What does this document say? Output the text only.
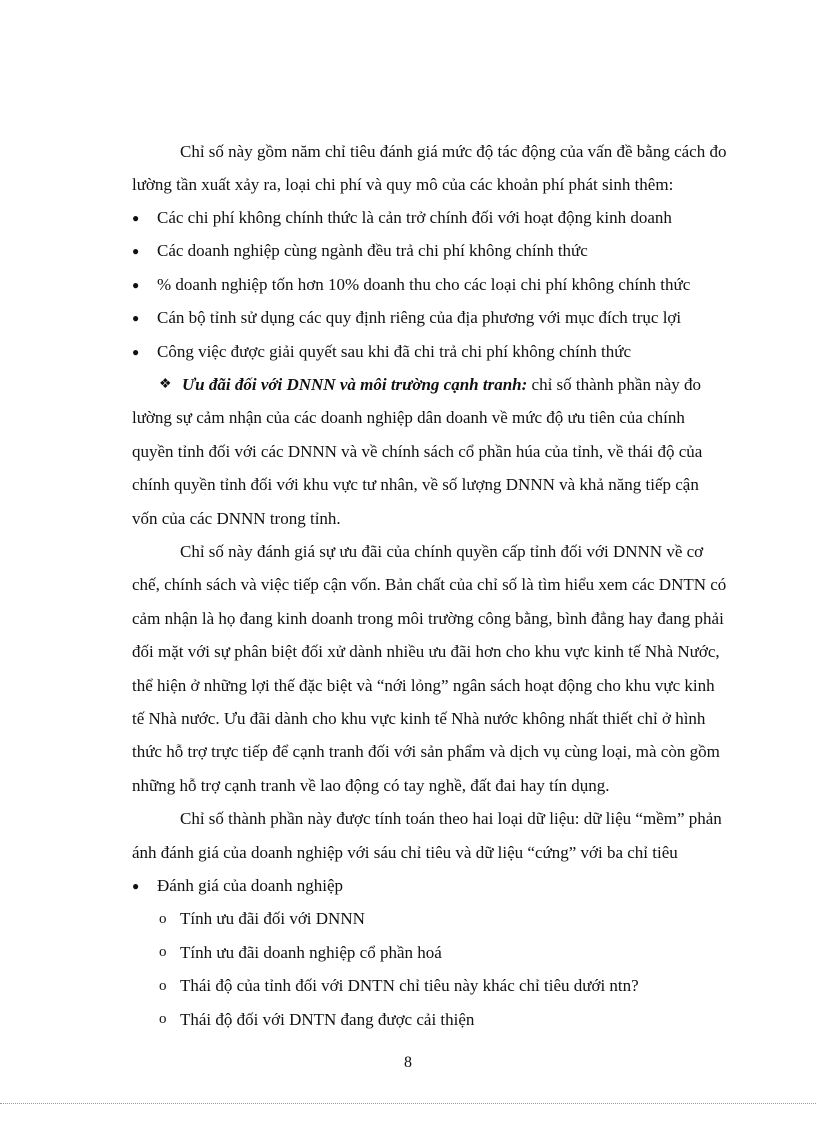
Chỉ số này gồm năm chỉ tiêu đánh giá mức độ tác động của vấn đề bằng cách đo
lường tần xuất xảy ra, loại chi phí và quy mô của các khoản phí phát sinh thêm:
● Các chi phí không chính thức là cản trở chính đối với hoạt động kinh doanh
● Các doanh nghiệp cùng ngành đều trả chi phí không chính thức
● % doanh nghiệp tốn hơn 10% doanh thu cho các loại chi phí không chính thức
● Cán bộ tỉnh sử dụng các quy định riêng của địa phương với mục đích trục lợi
● Công việc được giải quyết sau khi đã chi trả chi phí không chính thức
❖ Ưu đãi đối với DNNN và môi trường cạnh tranh: chỉ số thành phần này đo
lường sự cảm nhận của các doanh nghiệp dân doanh về mức độ ưu tiên của chính
quyền tỉnh đối với các DNNN và về chính sách cổ phần húa của tỉnh, về thái độ của
chính quyền tỉnh đối với khu vực tư nhân, về số lượng DNNN và khả năng tiếp cận
vốn của các DNNN trong tỉnh.
Chỉ số này đánh giá sự ưu đãi của chính quyền cấp tỉnh đối với DNNN về cơ
chế, chính sách và việc tiếp cận vốn. Bản chất của chỉ số là tìm hiểu xem các DNTN có
cảm nhận là họ đang kinh doanh trong môi trường công bằng, bình đẳng hay đang phải
đối mặt với sự phân biệt đối xử dành nhiều ưu đãi hơn cho khu vực kinh tế Nhà Nước,
thể hiện ở những lợi thế đặc biệt và “nới lỏng” ngân sách hoạt động cho khu vực kinh
tế Nhà nước. Ưu đãi dành cho khu vực kinh tế Nhà nước không nhất thiết chỉ ở hình
thức hỗ trợ trực tiếp để cạnh tranh đối với sản phẩm và dịch vụ cùng loại, mà còn gồm
những hỗ trợ cạnh tranh về lao động có tay nghề, đất đai hay tín dụng.
Chỉ số thành phần này được tính toán theo hai loại dữ liệu: dữ liệu “mềm” phản
ánh đánh giá của doanh nghiệp với sáu chỉ tiêu và dữ liệu “cứng” với ba chỉ tiêu
● Đánh giá của doanh nghiệp
o Tính ưu đãi đối với DNNN
o Tính ưu đãi doanh nghiệp cổ phần hoá
o Thái độ của tỉnh đối với DNTN chỉ tiêu này khác chỉ tiêu dưới ntn?
o Thái độ đối với DNTN đang được cải thiện
8
